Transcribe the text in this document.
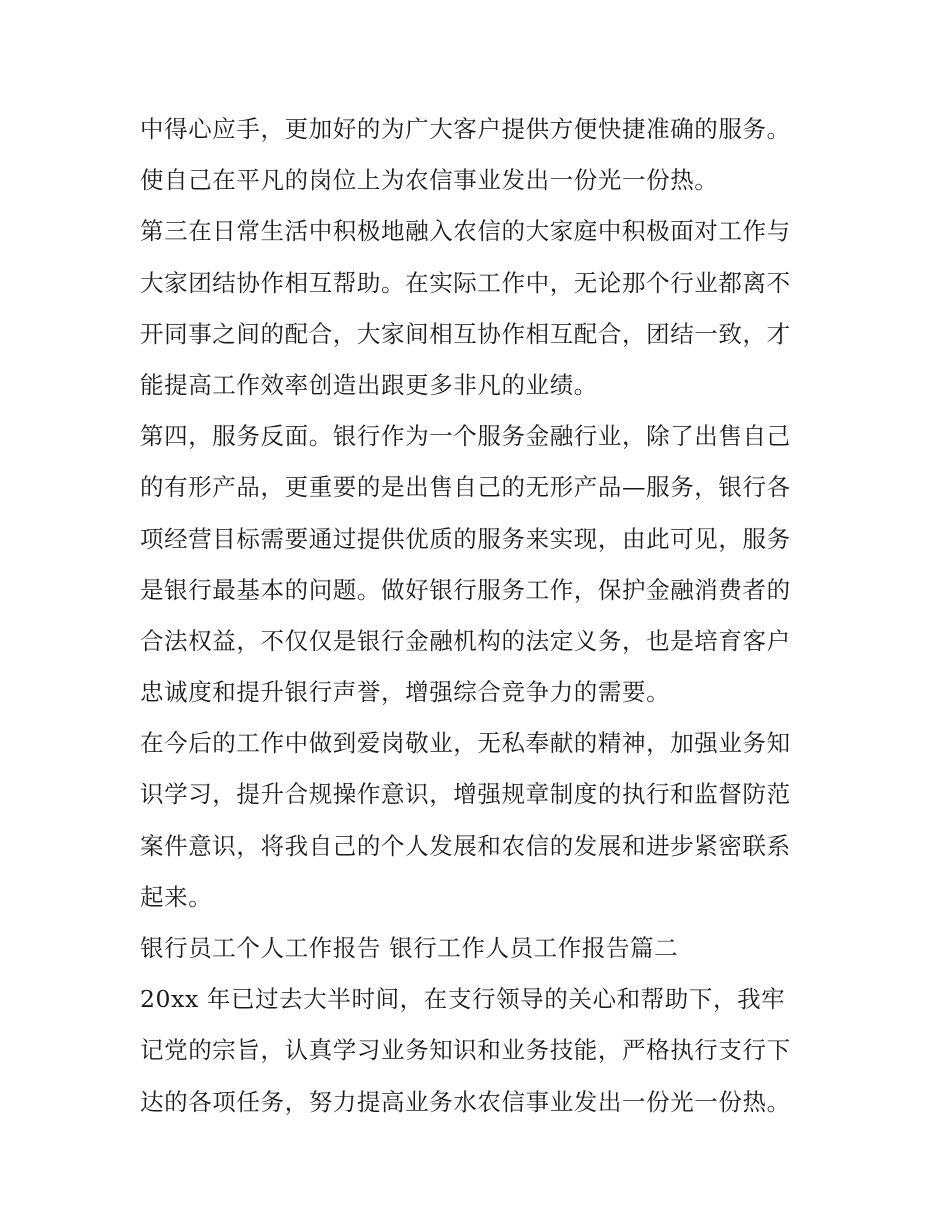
中得心应手，更加好的为广大客户提供方便快捷准确的服务。
使自己在平凡的岗位上为农信事业发出一份光一份热。
第三在日常生活中积极地融入农信的大家庭中积极面对工作与
大家团结协作相互帮助。在实际工作中，无论那个行业都离不
开同事之间的配合，大家间相互协作相互配合，团结一致，才
能提高工作效率创造出跟更多非凡的业绩。
第四，服务反面。银行作为一个服务金融行业，除了出售自己
的有形产品，更重要的是出售自己的无形产品—服务，银行各
项经营目标需要通过提供优质的服务来实现，由此可见，服务
是银行最基本的问题。做好银行服务工作，保护金融消费者的
合法权益，不仅仅是银行金融机构的法定义务，也是培育客户
忠诚度和提升银行声誉，增强综合竞争力的需要。
在今后的工作中做到爱岗敬业，无私奉献的精神，加强业务知
识学习，提升合规操作意识，增强规章制度的执行和监督防范
案件意识，将我自己的个人发展和农信的发展和进步紧密联系
起来。
银行员工个人工作报告 银行工作人员工作报告篇二
20xx 年已过去大半时间，在支行领导的关心和帮助下，我牢
记党的宗旨，认真学习业务知识和业务技能，严格执行支行下
达的各项任务，努力提高业务水农信事业发出一份光一份热。
